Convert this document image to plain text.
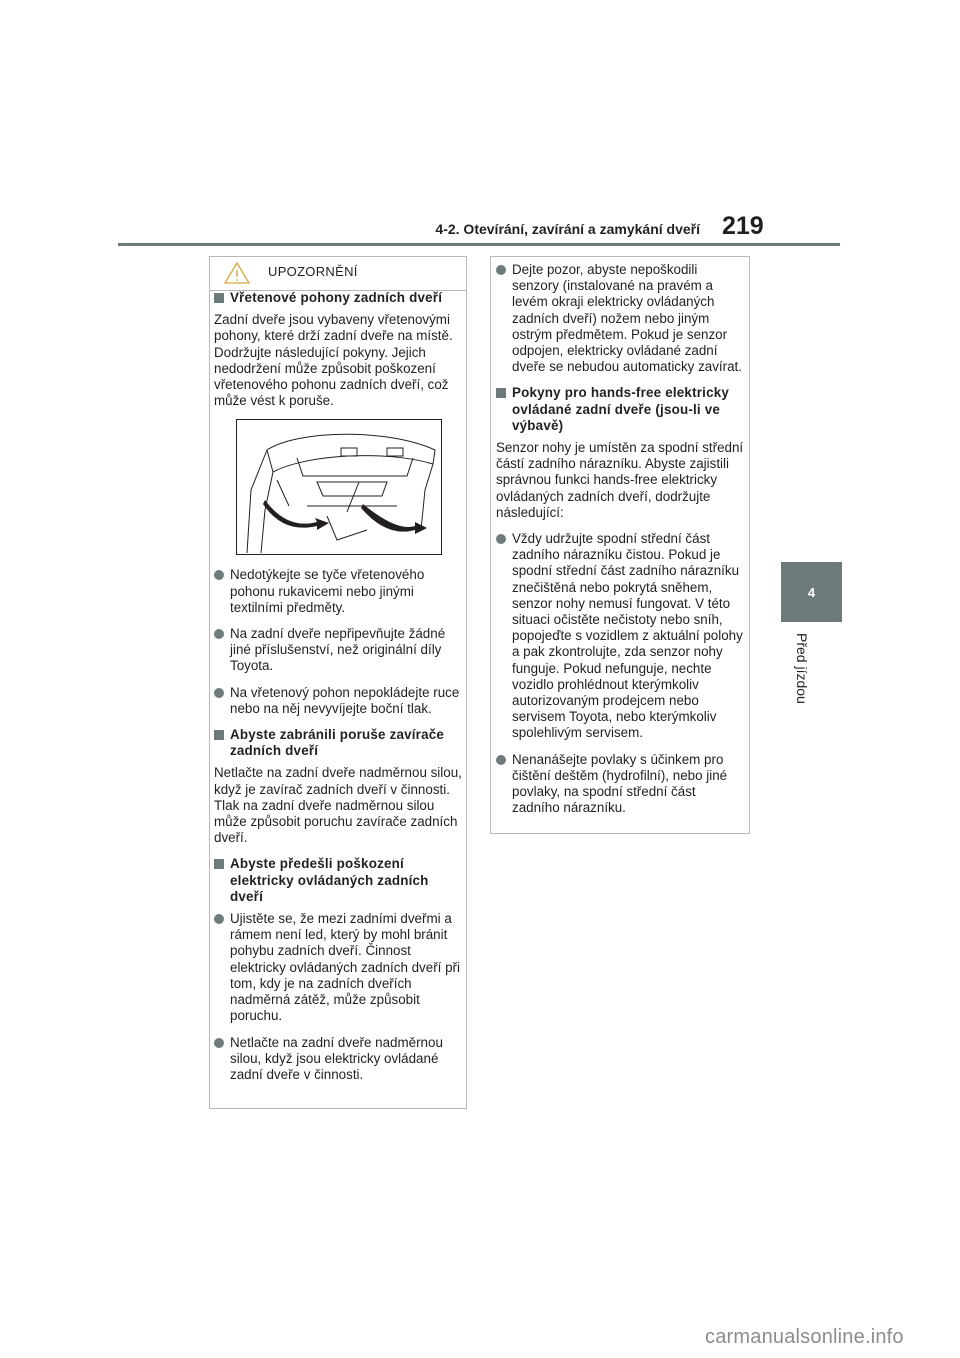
4-2. Otevírání, zavírání a zamykání dveří 219
4
Před jízdou
UPOZORNĚNÍ
Vřetenové pohony zadních dveří
Zadní dveře jsou vybaveny vřetenovými pohony, které drží zadní dveře na místě. Dodržujte následující pokyny. Jejich nedodržení může způsobit poškození vřetenového pohonu zadních dveří, což může vést k poruše.
Nedotýkejte se tyče vřetenového pohonu rukavicemi nebo jinými textilními předměty.
Na zadní dveře nepřipevňujte žádné jiné příslušenství, než originální díly Toyota.
Na vřetenový pohon nepokládejte ruce nebo na něj nevyvíjejte boční tlak.
Abyste zabránili poruše zavírače zadních dveří
Netlačte na zadní dveře nadměrnou silou, když je zavírač zadních dveří v činnosti. Tlak na zadní dveře nadměrnou silou může způsobit poruchu zavírače zadních dveří.
Abyste předešli poškození elektricky ovládaných zadních dveří
Ujistěte se, že mezi zadními dveřmi a rámem není led, který by mohl bránit pohybu zadních dveří. Činnost elektricky ovládaných zadních dveří při tom, kdy je na zadních dveřích nadměrná zátěž, může způsobit poruchu.
Netlačte na zadní dveře nadměrnou silou, když jsou elektricky ovládané zadní dveře v činnosti.
Dejte pozor, abyste nepoškodili senzory (instalované na pravém a levém okraji elektricky ovládaných zadních dveří) nožem nebo jiným ostrým předmětem. Pokud je senzor odpojen, elektricky ovládané zadní dveře se nebudou automaticky zavírat.
Pokyny pro hands-free elektricky ovládané zadní dveře (jsou-li ve výbavě)
Senzor nohy je umístěn za spodní střední částí zadního nárazníku. Abyste zajistili správnou funkci hands-free elektricky ovládaných zadních dveří, dodržujte následující:
Vždy udržujte spodní střední část zadního nárazníku čistou. Pokud je spodní střední část zadního nárazníku znečištěná nebo pokrytá sněhem, senzor nohy nemusí fungovat. V této situaci očistěte nečistoty nebo sníh, popojeďte s vozidlem z aktuální polohy a pak zkontrolujte, zda senzor nohy funguje. Pokud nefunguje, nechte vozidlo prohlédnout kterýmkoliv autorizovaným prodejcem nebo servisem Toyota, nebo kterýmkoliv spolehlivým servisem.
Nenanášejte povlaky s účinkem pro čištění deštěm (hydrofilní), nebo jiné povlaky, na spodní střední část zadního nárazníku.
carmanualsonline.info
